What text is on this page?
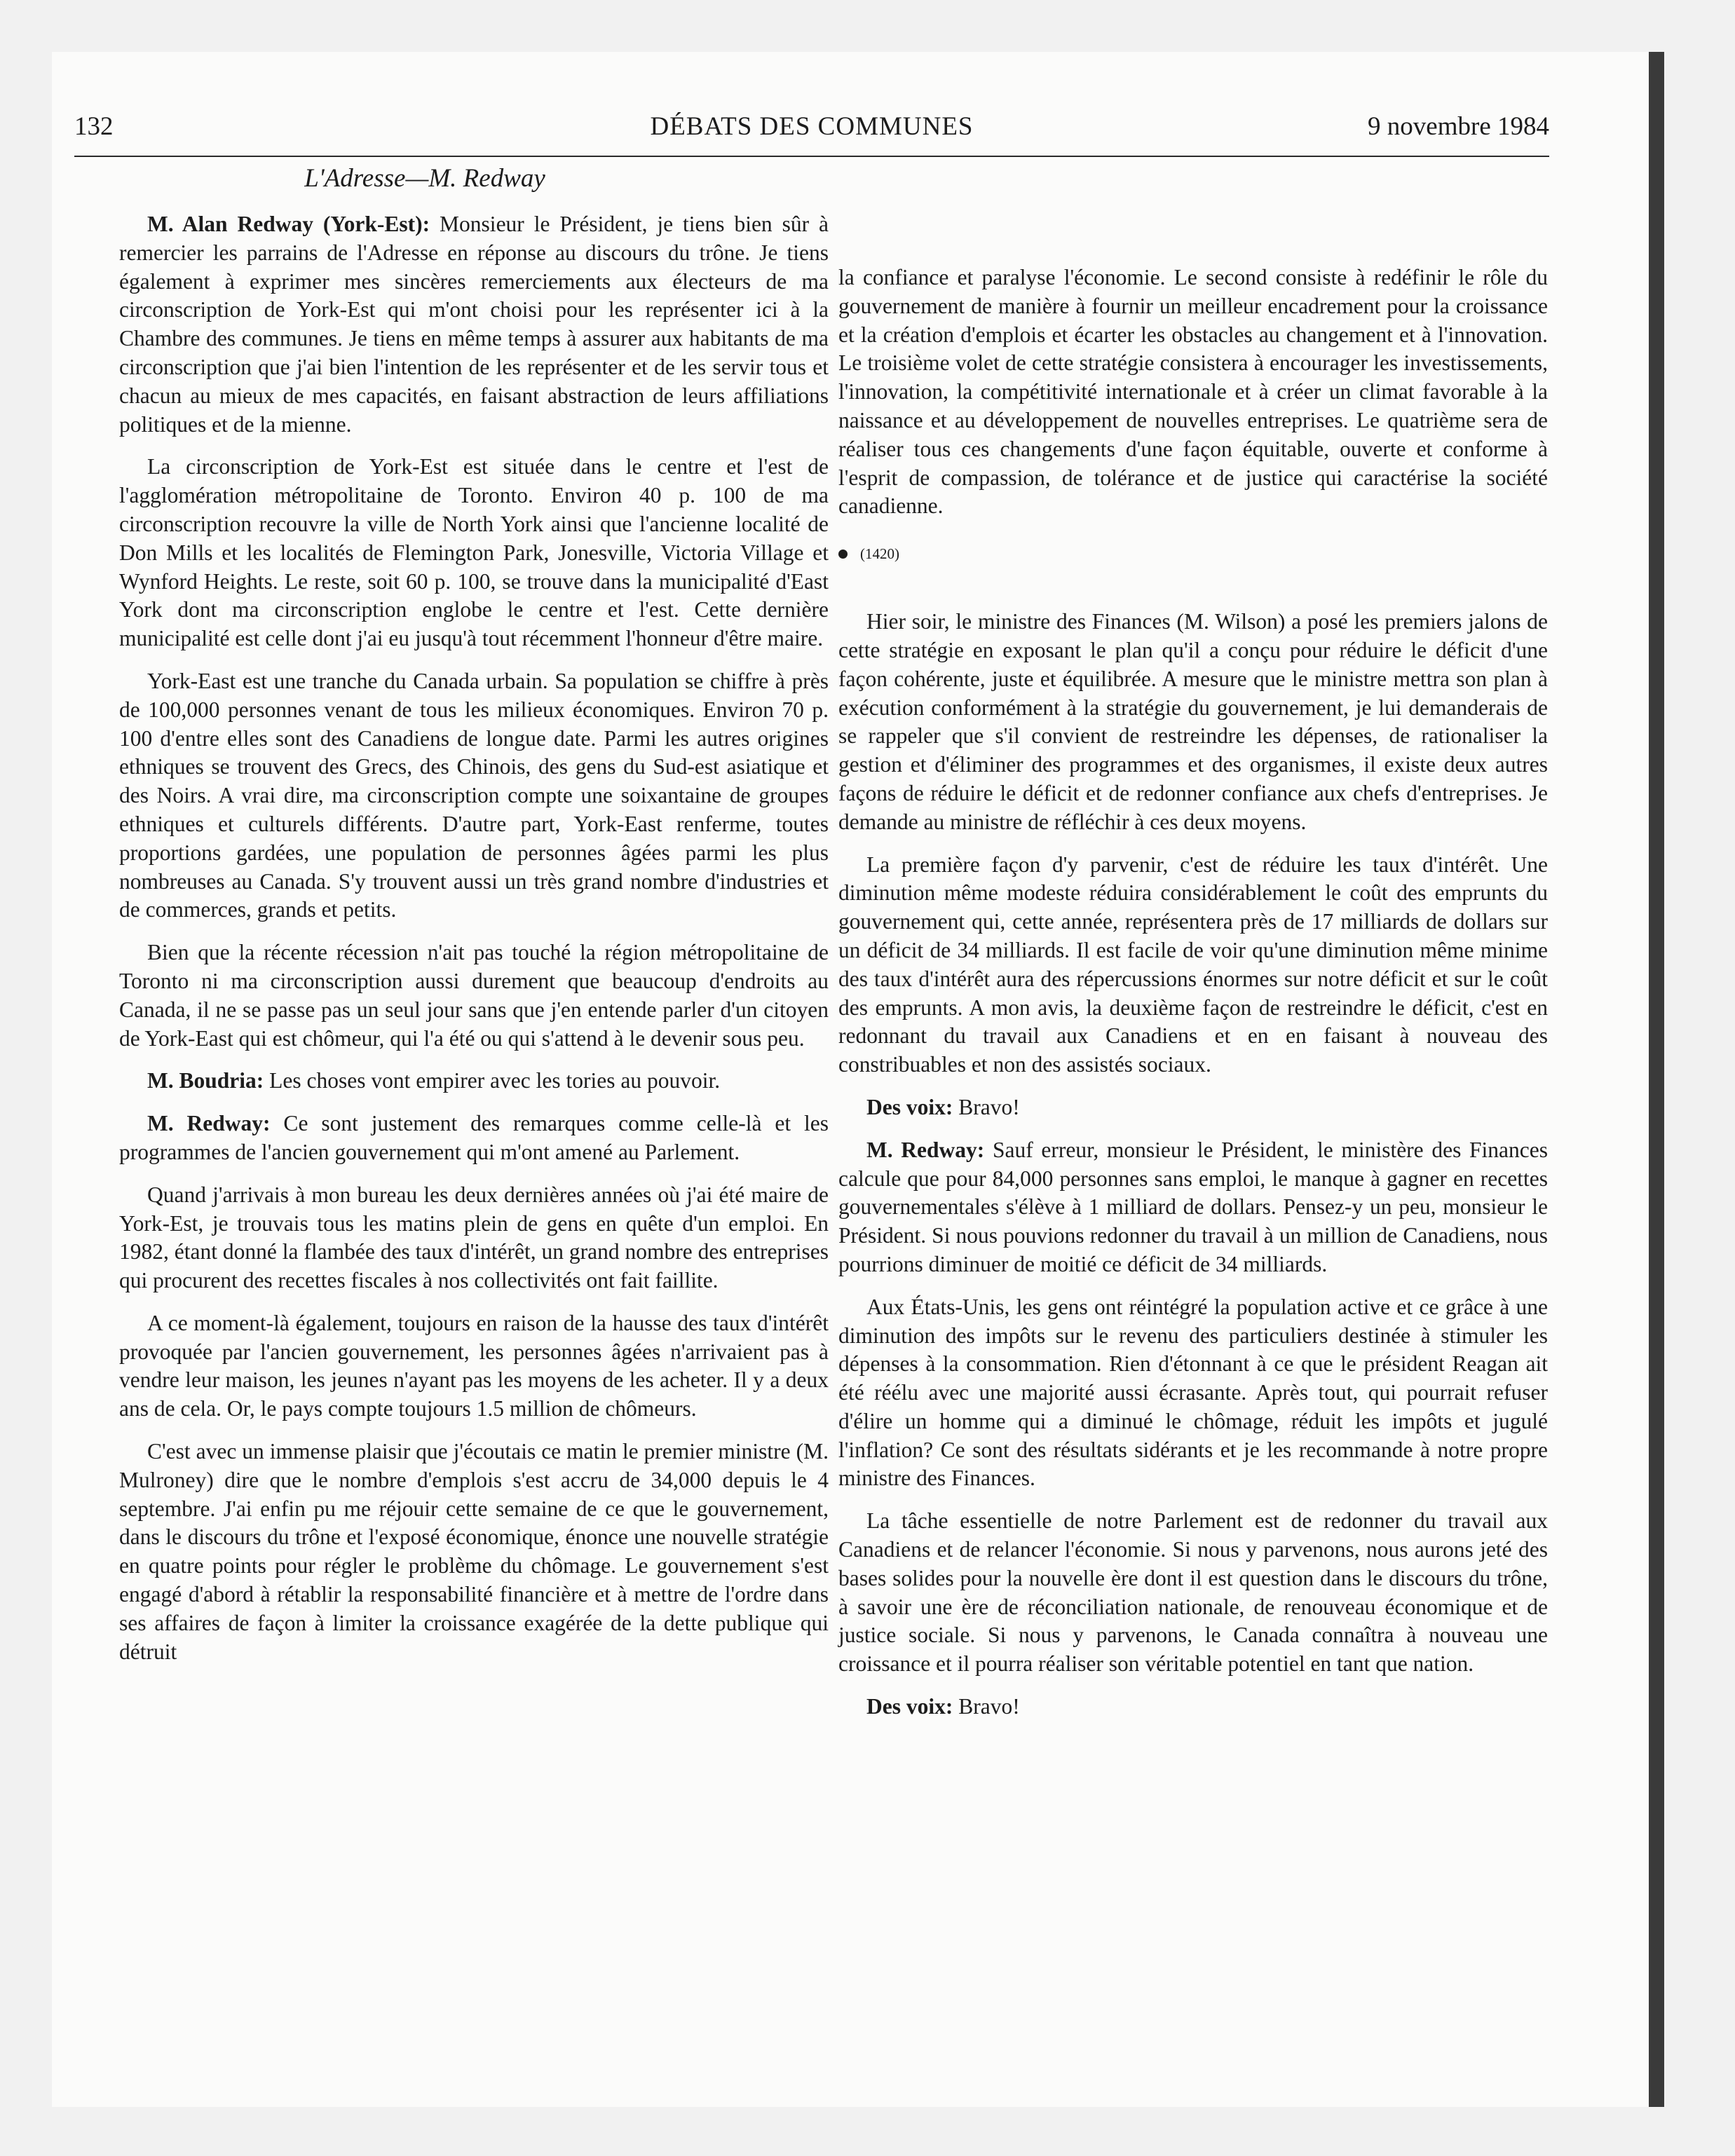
132	DÉBATS DES COMMUNES	9 novembre 1984
L'Adresse—M. Redway

M. Alan Redway (York-Est): Monsieur le Président, je tiens bien sûr à remercier les parrains de l'Adresse en réponse au discours du trône. Je tiens également à exprimer mes sincères remerciements aux électeurs de ma circonscription de York-Est qui m'ont choisi pour les représenter ici à la Chambre des communes. Je tiens en même temps à assurer aux habitants de ma circonscription que j'ai bien l'intention de les représenter et de les servir tous et chacun au mieux de mes capacités, en faisant abstraction de leurs affiliations politiques et de la mienne.

La circonscription de York-Est est située dans le centre et l'est de l'agglomération métropolitaine de Toronto. Environ 40 p. 100 de ma circonscription recouvre la ville de North York ainsi que l'ancienne localité de Don Mills et les localités de Flemington Park, Jonesville, Victoria Village et Wynford Heights. Le reste, soit 60 p. 100, se trouve dans la municipalité d'East York dont ma circonscription englobe le centre et l'est. Cette dernière municipalité est celle dont j'ai eu jusqu'à tout récemment l'honneur d'être maire.

York-East est une tranche du Canada urbain. Sa population se chiffre à près de 100,000 personnes venant de tous les milieux économiques. Environ 70 p. 100 d'entre elles sont des Canadiens de longue date. Parmi les autres origines ethniques se trouvent des Grecs, des Chinois, des gens du Sud-est asiatique et des Noirs. A vrai dire, ma circonscription compte une soixantaine de groupes ethniques et culturels différents. D'autre part, York-East renferme, toutes proportions gardées, une population de personnes âgées parmi les plus nombreuses au Canada. S'y trouvent aussi un très grand nombre d'industries et de commerces, grands et petits.

Bien que la récente récession n'ait pas touché la région métropolitaine de Toronto ni ma circonscription aussi durement que beaucoup d'endroits au Canada, il ne se passe pas un seul jour sans que j'en entende parler d'un citoyen de York-East qui est chômeur, qui l'a été ou qui s'attend à le devenir sous peu.

M. Boudria: Les choses vont empirer avec les tories au pouvoir.

M. Redway: Ce sont justement des remarques comme celle-là et les programmes de l'ancien gouvernement qui m'ont amené au Parlement.

Quand j'arrivais à mon bureau les deux dernières années où j'ai été maire de York-Est, je trouvais tous les matins plein de gens en quête d'un emploi. En 1982, étant donné la flambée des taux d'intérêt, un grand nombre des entreprises qui procurent des recettes fiscales à nos collectivités ont fait faillite.

A ce moment-là également, toujours en raison de la hausse des taux d'intérêt provoquée par l'ancien gouvernement, les personnes âgées n'arrivaient pas à vendre leur maison, les jeunes n'ayant pas les moyens de les acheter. Il y a deux ans de cela. Or, le pays compte toujours 1.5 million de chômeurs.

C'est avec un immense plaisir que j'écoutais ce matin le premier ministre (M. Mulroney) dire que le nombre d'emplois s'est accru de 34,000 depuis le 4 septembre. J'ai enfin pu me réjouir cette semaine de ce que le gouvernement, dans le discours du trône et l'exposé économique, énonce une nouvelle stratégie en quatre points pour régler le problème du chômage. Le gouvernement s'est engagé d'abord à rétablir la responsabilité financière et à mettre de l'ordre dans ses affaires de façon à limiter la croissance exagérée de la dette publique qui détruit

la confiance et paralyse l'économie. Le second consiste à redéfinir le rôle du gouvernement de manière à fournir un meilleur encadrement pour la croissance et la création d'emplois et écarter les obstacles au changement et à l'innovation. Le troisième volet de cette stratégie consistera à encourager les investissements, l'innovation, la compétitivité internationale et à créer un climat favorable à la naissance et au développement de nouvelles entreprises. Le quatrième sera de réaliser tous ces changements d'une façon équitable, ouverte et conforme à l'esprit de compassion, de tolérance et de justice qui caractérise la société canadienne.

(1420)

Hier soir, le ministre des Finances (M. Wilson) a posé les premiers jalons de cette stratégie en exposant le plan qu'il a conçu pour réduire le déficit d'une façon cohérente, juste et équilibrée. A mesure que le ministre mettra son plan à exécution conformément à la stratégie du gouvernement, je lui demanderais de se rappeler que s'il convient de restreindre les dépenses, de rationaliser la gestion et d'éliminer des programmes et des organismes, il existe deux autres façons de réduire le déficit et de redonner confiance aux chefs d'entreprises. Je demande au ministre de réfléchir à ces deux moyens.

La première façon d'y parvenir, c'est de réduire les taux d'intérêt. Une diminution même modeste réduira considérablement le coût des emprunts du gouvernement qui, cette année, représentera près de 17 milliards de dollars sur un déficit de 34 milliards. Il est facile de voir qu'une diminution même minime des taux d'intérêt aura des répercussions énormes sur notre déficit et sur le coût des emprunts. A mon avis, la deuxième façon de restreindre le déficit, c'est en redonnant du travail aux Canadiens et en en faisant à nouveau des constribuables et non des assistés sociaux.

Des voix: Bravo!

M. Redway: Sauf erreur, monsieur le Président, le ministère des Finances calcule que pour 84,000 personnes sans emploi, le manque à gagner en recettes gouvernementales s'élève à 1 milliard de dollars. Pensez-y un peu, monsieur le Président. Si nous pouvions redonner du travail à un million de Canadiens, nous pourrions diminuer de moitié ce déficit de 34 milliards.

Aux États-Unis, les gens ont réintégré la population active et ce grâce à une diminution des impôts sur le revenu des particuliers destinée à stimuler les dépenses à la consommation. Rien d'étonnant à ce que le président Reagan ait été réélu avec une majorité aussi écrasante. Après tout, qui pourrait refuser d'élire un homme qui a diminué le chômage, réduit les impôts et jugulé l'inflation? Ce sont des résultats sidérants et je les recommande à notre propre ministre des Finances.

La tâche essentielle de notre Parlement est de redonner du travail aux Canadiens et de relancer l'économie. Si nous y parvenons, nous aurons jeté des bases solides pour la nouvelle ère dont il est question dans le discours du trône, à savoir une ère de réconciliation nationale, de renouveau économique et de justice sociale. Si nous y parvenons, le Canada connaîtra à nouveau une croissance et il pourra réaliser son véritable potentiel en tant que nation.

Des voix: Bravo!
